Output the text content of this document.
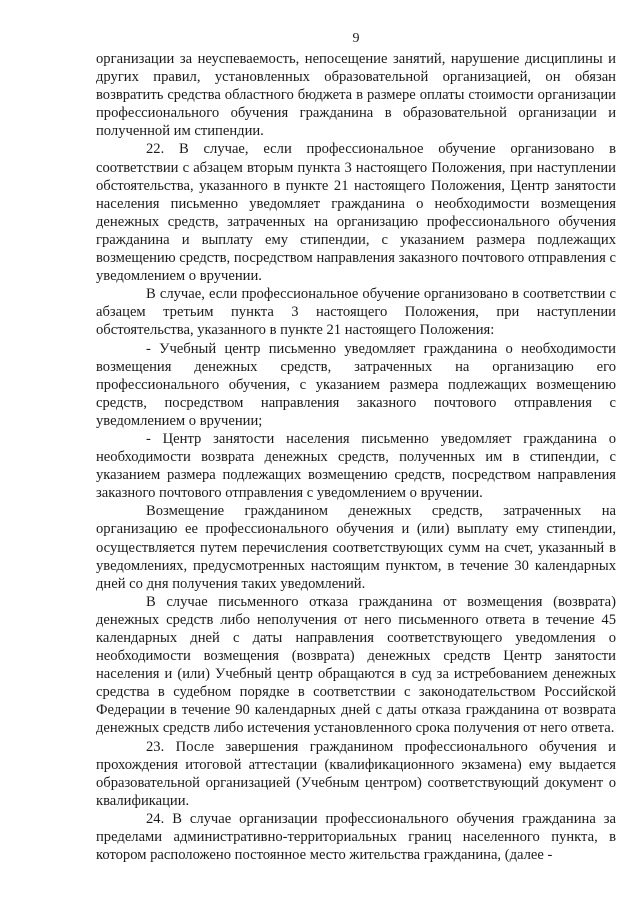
9

организации за неуспеваемость, непосещение занятий, нарушение дисциплины и других правил, установленных образовательной организацией, он обязан возвратить средства областного бюджета в размере оплаты стоимости организации профессионального обучения гражданина в образовательной организации и полученной им стипендии.

22. В случае, если профессиональное обучение организовано в соответствии с абзацем вторым пункта 3 настоящего Положения, при наступлении обстоятельства, указанного в пункте 21 настоящего Положения, Центр занятости населения письменно уведомляет гражданина о необходимости возмещения денежных средств, затраченных на организацию профессионального обучения гражданина и выплату ему стипендии, с указанием размера подлежащих возмещению средств, посредством направления заказного почтового отправления с уведомлением о вручении.

В случае, если профессиональное обучение организовано в соответствии с абзацем третьим пункта 3 настоящего Положения, при наступлении обстоятельства, указанного в пункте 21 настоящего Положения:

- Учебный центр письменно уведомляет гражданина о необходимости возмещения денежных средств, затраченных на организацию его профессионального обучения, с указанием размера подлежащих возмещению средств, посредством направления заказного почтового отправления с уведомлением о вручении;

- Центр занятости населения письменно уведомляет гражданина о необходимости возврата денежных средств, полученных им в стипендии, с указанием размера подлежащих возмещению средств, посредством направления заказного почтового отправления с уведомлением о вручении.

Возмещение гражданином денежных средств, затраченных на организацию ее профессионального обучения и (или) выплату ему стипендии, осуществляется путем перечисления соответствующих сумм на счет, указанный в уведомлениях, предусмотренных настоящим пунктом, в течение 30 календарных дней со дня получения таких уведомлений.

В случае письменного отказа гражданина от возмещения (возврата) денежных средств либо неполучения от него письменного ответа в течение 45 календарных дней с даты направления соответствующего уведомления о необходимости возмещения (возврата) денежных средств Центр занятости населения и (или) Учебный центр обращаются в суд за истребованием денежных средства в судебном порядке в соответствии с законодательством Российской Федерации в течение 90 календарных дней с даты отказа гражданина от возврата денежных средств либо истечения установленного срока получения от него ответа.

23. После завершения гражданином профессионального обучения и прохождения итоговой аттестации (квалификационного экзамена) ему выдается образовательной организацией (Учебным центром) соответствующий документ о квалификации.

24. В случае организации профессионального обучения гражданина за пределами административно-территориальных границ населенного пункта, в котором расположено постоянное место жительства гражданина, (далее -
